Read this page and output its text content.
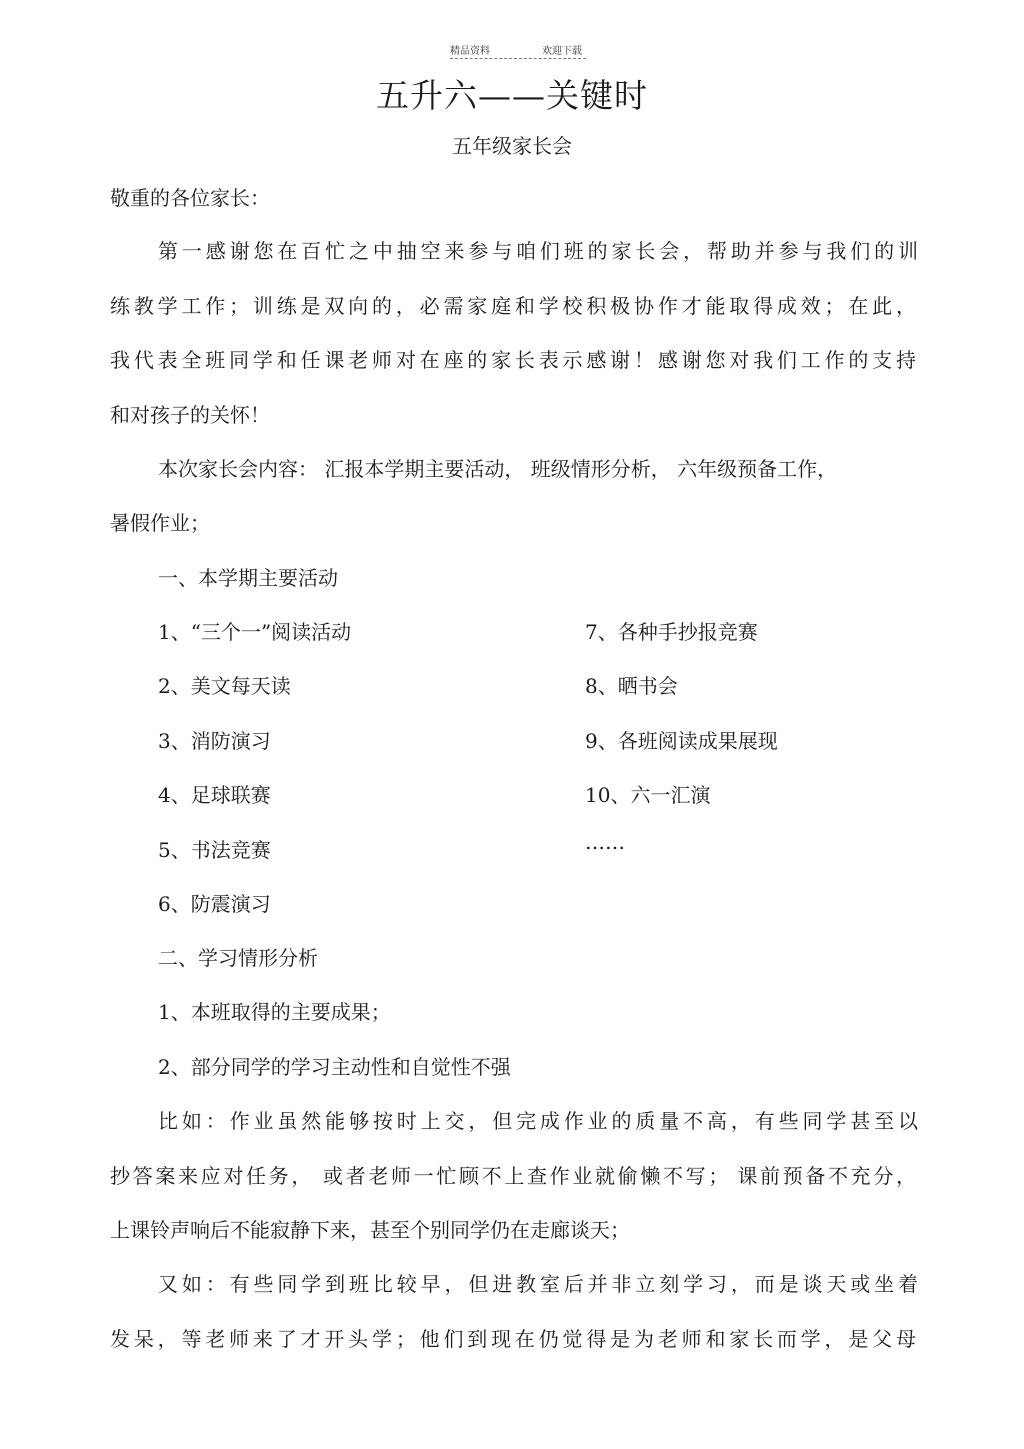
精品资料	欢迎下载
五升六——关键时
五年级家长会
敬重的各位家长：
第一感谢您在百忙之中抽空来参与咱们班的家长会，帮助并参与我们的训
练教学工作；训练是双向的，必需家庭和学校积极协作才能取得成效；在此，
我代表全班同学和任课老师对在座的家长表示感谢！感谢您对我们工作的支持
和对孩子的关怀！
本次家长会内容： 汇报本学期主要活动， 班级情形分析， 六年级预备工作，
暑假作业；
一、本学期主要活动
1、“三个一”阅读活动
2、美文每天读
3、消防演习
4、足球联赛
5、书法竞赛
6、防震演习
7、各种手抄报竞赛
8、晒书会
9、各班阅读成果展现
10、六一汇演
……
二、学习情形分析
1、本班取得的主要成果；
2、部分同学的学习主动性和自觉性不强
比如：作业虽然能够按时上交，但完成作业的质量不高，有些同学甚至以
抄答案来应对任务， 或者老师一忙顾不上查作业就偷懒不写； 课前预备不充分，
上课铃声响后不能寂静下来，甚至个别同学仍在走廊谈天；
又如：有些同学到班比较早，但进教室后并非立刻学习，而是谈天或坐着
发呆，等老师来了才开头学；他们到现在仍觉得是为老师和家长而学，是父母
